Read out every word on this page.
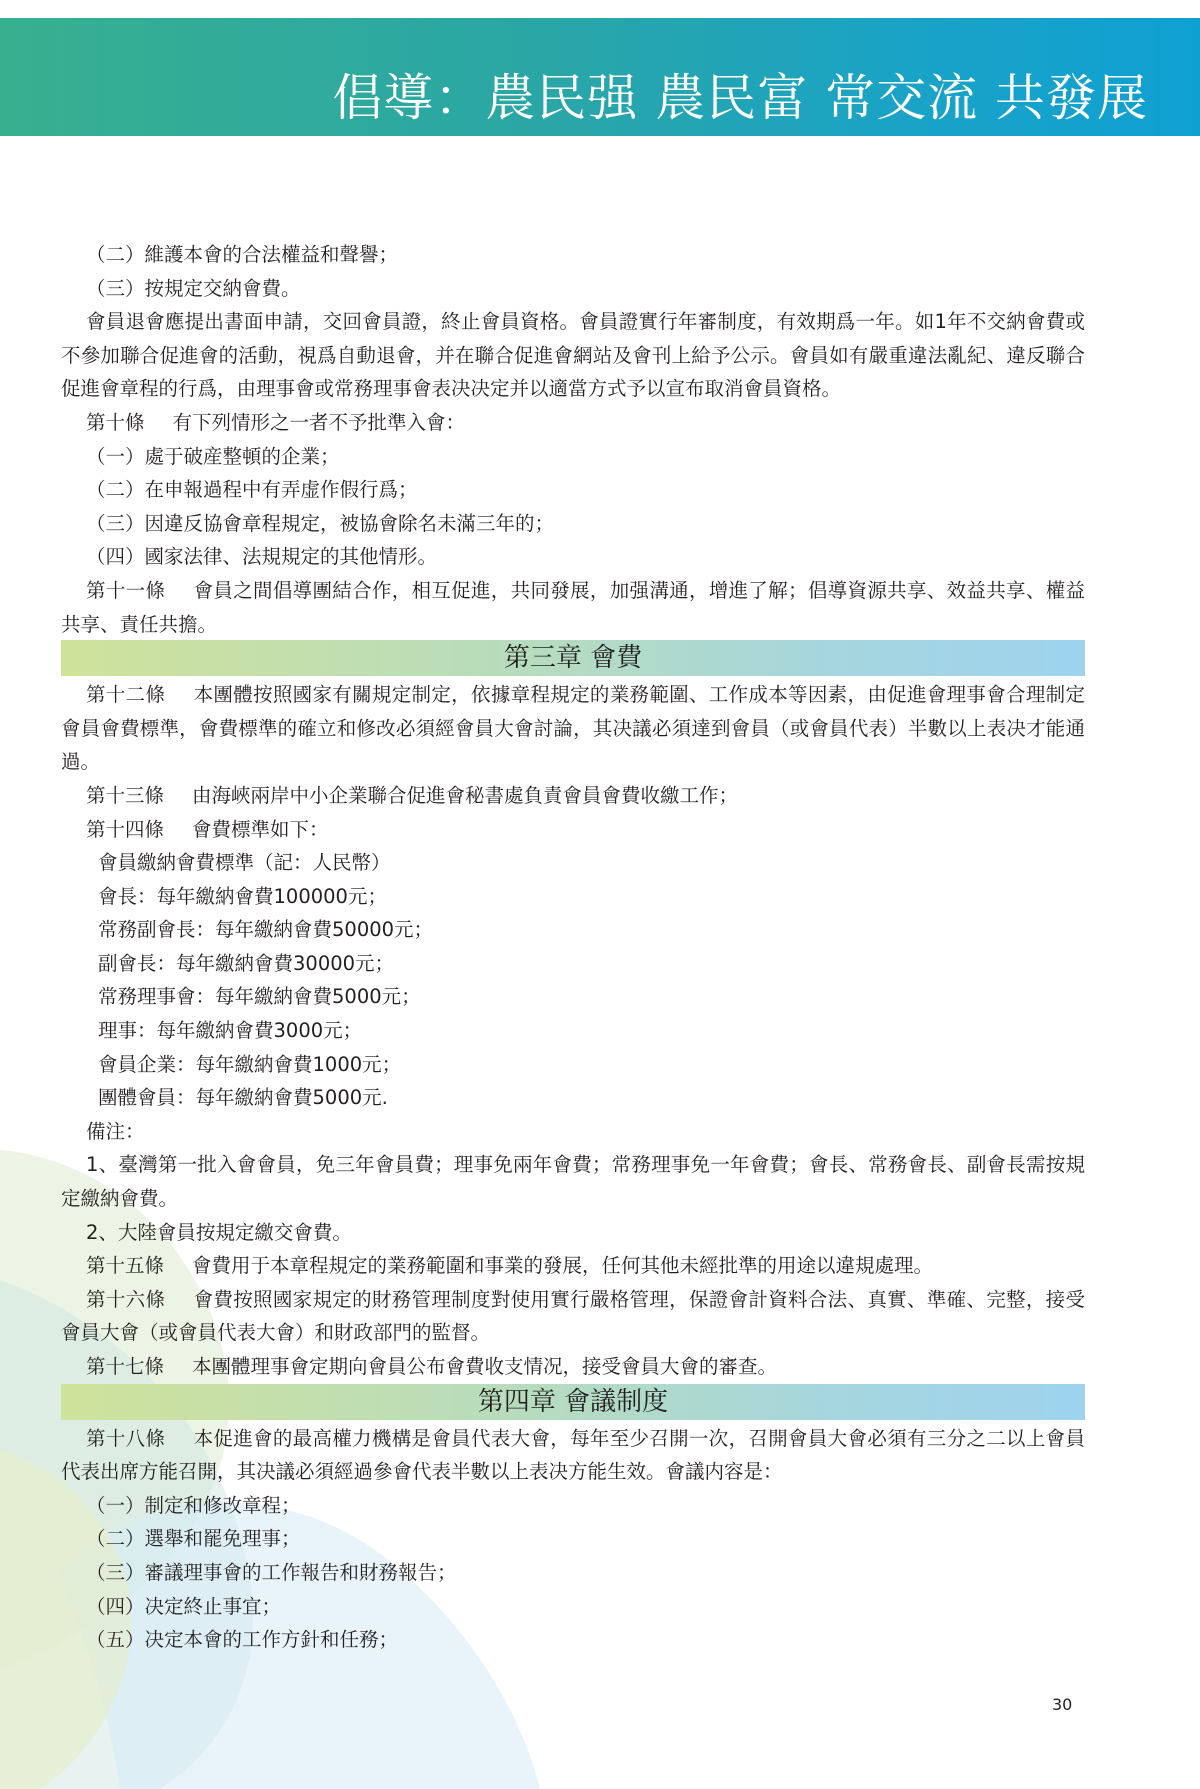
倡導：農民强 農民富 常交流 共發展

（二）維護本會的合法權益和聲譽；

（三）按規定交納會費。

會員退會應提出書面申請，交回會員證，終止會員資格。會員證實行年審制度，有效期爲一年。如1年不交納會費或不參加聯合促進會的活動，視爲自動退會，并在聯合促進會網站及會刊上給予公示。會員如有嚴重違法亂紀、違反聯合促進會章程的行爲，由理事會或常務理事會表决决定并以適當方式予以宣布取消會員資格。

第十條 有下列情形之一者不予批準入會：

（一）處于破産整頓的企業；

（二）在申報過程中有弄虚作假行爲；

（三）因違反協會章程規定，被協會除名未滿三年的；

（四）國家法律、法規規定的其他情形。

第十一條 會員之間倡導團結合作，相互促進，共同發展，加强溝通，增進了解；倡導資源共享、效益共享、權益共享、責任共擔。

第三章 會費

第十二條 本團體按照國家有關規定制定，依據章程規定的業務範圍、工作成本等因素，由促進會理事會合理制定會員會費標準，會費標準的確立和修改必須經會員大會討論，其决議必須達到會員（或會員代表）半數以上表决才能通過。

第十三條 由海峽兩岸中小企業聯合促進會秘書處負責會員會費收繳工作；

第十四條 會費標準如下：

會員繳納會費標準（記：人民幣）

會長：每年繳納會費100000元；

常務副會長：每年繳納會費50000元；

副會長：每年繳納會費30000元；

常務理事會：每年繳納會費5000元；

理事：每年繳納會費3000元；

會員企業：每年繳納會費1000元；

團體會員：每年繳納會費5000元.

備注：

1、臺灣第一批入會會員，免三年會員費；理事免兩年會費；常務理事免一年會費；會長、常務會長、副會長需按規定繳納會費。

2、大陸會員按規定繳交會費。

第十五條 會費用于本章程規定的業務範圍和事業的發展，任何其他未經批準的用途以違規處理。

第十六條 會費按照國家規定的財務管理制度對使用實行嚴格管理，保證會計資料合法、真實、準確、完整，接受會員大會（或會員代表大會）和財政部門的監督。

第十七條 本團體理事會定期向會員公布會費收支情况，接受會員大會的審查。

第四章 會議制度

第十八條 本促進會的最高權力機構是會員代表大會，每年至少召開一次，召開會員大會必須有三分之二以上會員代表出席方能召開，其决議必須經過參會代表半數以上表决方能生效。會議内容是：

（一）制定和修改章程；

（二）選舉和罷免理事；

（三）審議理事會的工作報告和財務報告；

（四）决定終止事宜；

（五）决定本會的工作方針和任務；

30
